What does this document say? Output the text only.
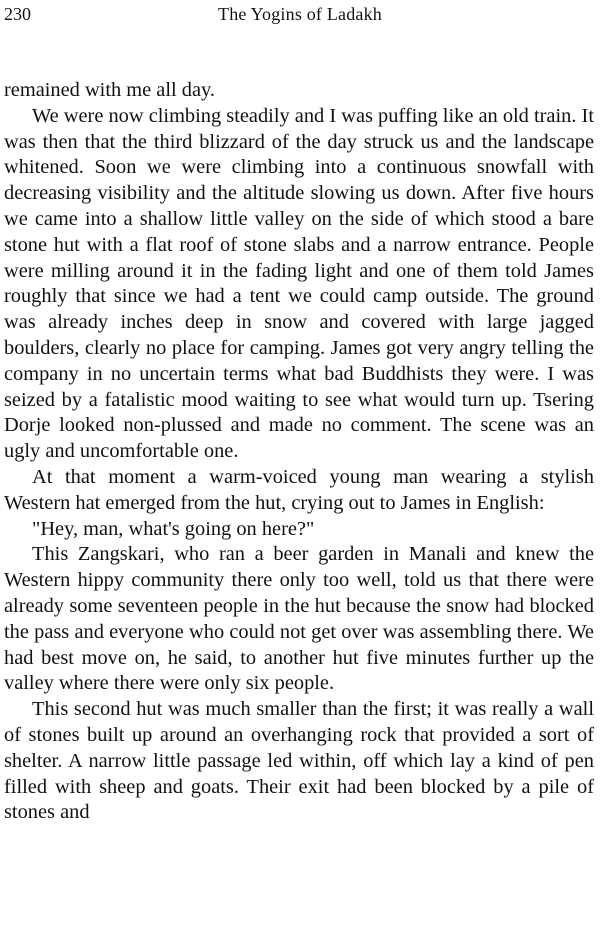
230	The Yogins of Ladakh

remained with me all day.

We were now climbing steadily and I was puffing like an old train. It was then that the third blizzard of the day struck us and the landscape whitened. Soon we were climbing into a continuous snowfall with decreasing visibility and the altitude slowing us down. After five hours we came into a shallow little valley on the side of which stood a bare stone hut with a flat roof of stone slabs and a narrow entrance. People were milling around it in the fading light and one of them told James roughly that since we had a tent we could camp outside. The ground was already inches deep in snow and covered with large jagged boulders, clearly no place for camping. James got very angry telling the company in no uncertain terms what bad Buddhists they were. I was seized by a fatalistic mood waiting to see what would turn up. Tsering Dorje looked non-plussed and made no comment. The scene was an ugly and uncomfortable one.

At that moment a warm-voiced young man wearing a stylish Western hat emerged from the hut, crying out to James in English:

"Hey, man, what's going on here?"

This Zangskari, who ran a beer garden in Manali and knew the Western hippy community there only too well, told us that there were already some seventeen people in the hut because the snow had blocked the pass and everyone who could not get over was assembling there. We had best move on, he said, to another hut five minutes further up the valley where there were only six people.

This second hut was much smaller than the first; it was really a wall of stones built up around an overhanging rock that provided a sort of shelter. A narrow little passage led within, off which lay a kind of pen filled with sheep and goats. Their exit had been blocked by a pile of stones and
